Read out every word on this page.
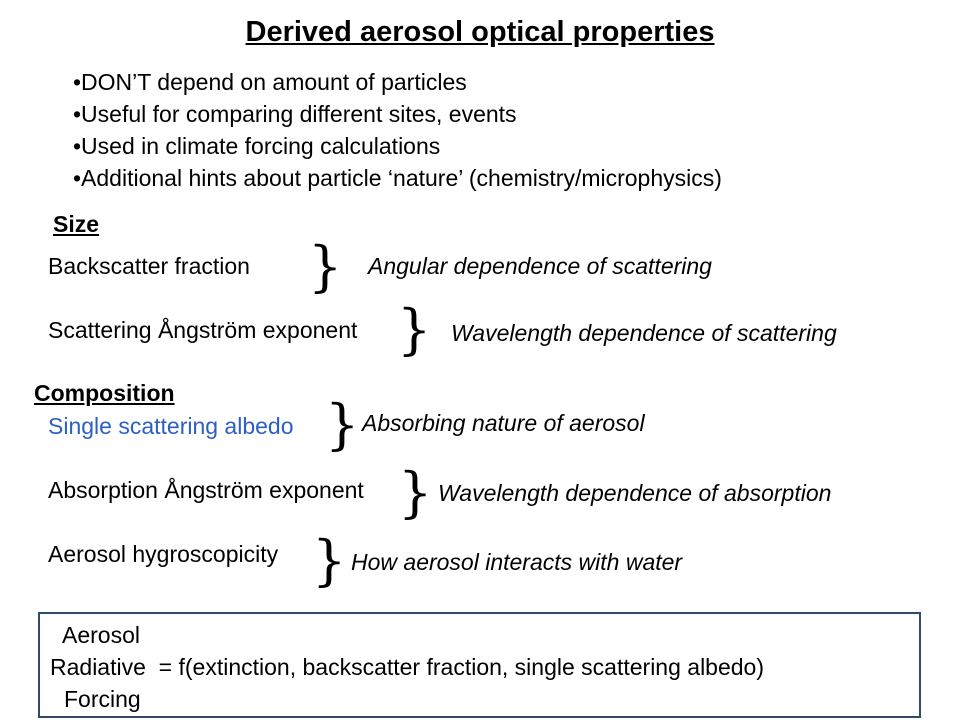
Derived aerosol optical properties
•DON’T depend on amount of particles
•Useful for comparing different sites, events
•Used in climate forcing calculations
•Additional hints about particle ‘nature’ (chemistry/microphysics)
Size
Backscatter fraction } Angular dependence of scattering
Scattering Ångström exponent } Wavelength dependence of scattering
Composition
Single scattering albedo } Absorbing nature of aerosol
Absorption Ångström exponent } Wavelength dependence of absorption
Aerosol hygroscopicity } How aerosol interacts with water
Aerosol
Radiative  = f(extinction, backscatter fraction, single scattering albedo)
Forcing
